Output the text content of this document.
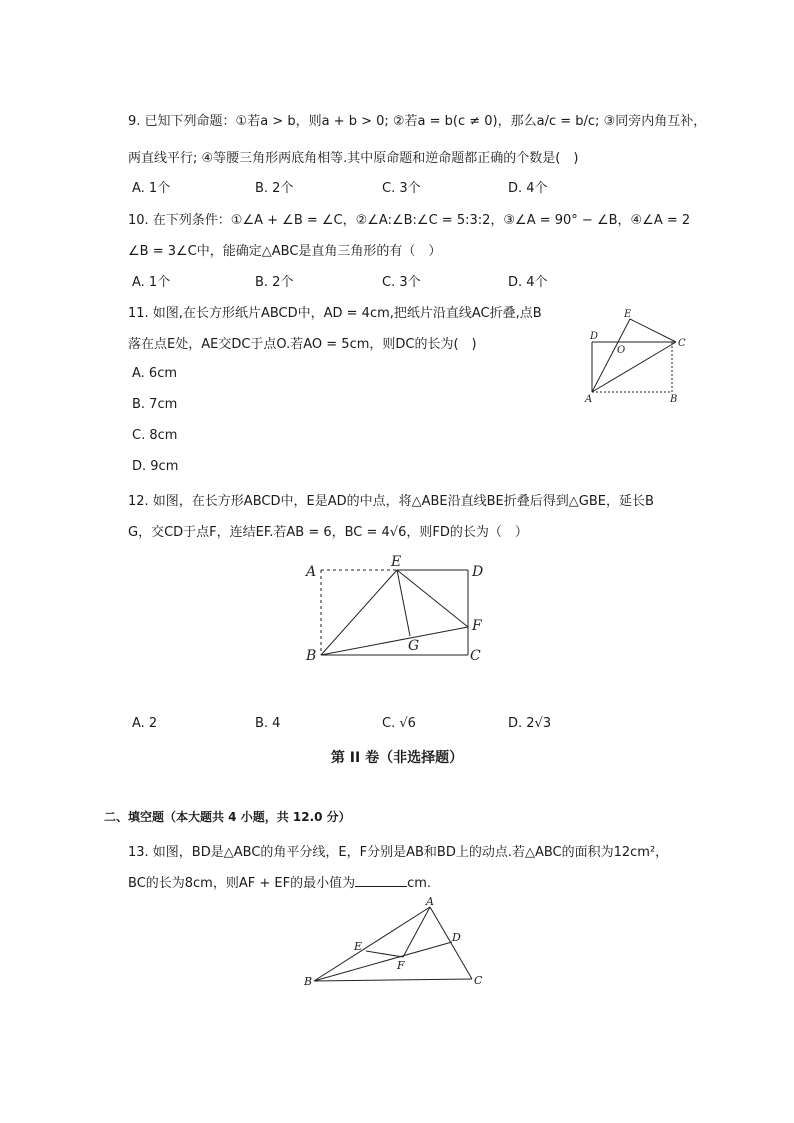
9. 已知下列命题：①若a > b，则a + b > 0; ②若a = b(c ≠ 0)，那么a/c = b/c; ③同旁内角互补，
两直线平行; ④等腰三角形两底角相等.其中原命题和逆命题都正确的个数是(　)
A. 1个	B. 2个	C. 3个	D. 4个
10. 在下列条件：①∠A + ∠B = ∠C，②∠A:∠B:∠C = 5:3:2，③∠A = 90° − ∠B，④∠A = 2
∠B = 3∠C中，能确定△ABC是直角三角形的有（　）
A. 1个	B. 2个	C. 3个	D. 4个
11. 如图,在长方形纸片ABCD中，AD = 4cm,把纸片沿直线AC折叠,点B
落在点E处，AE交DC于点O.若AO = 5cm，则DC的长为(　)
A. 6cm
B. 7cm
C. 8cm
D. 9cm
E
D
O
C
A	B
12. 如图，在长方形ABCD中，E是AD的中点，将△ABE沿直线BE折叠后得到△GBE，延长B
G，交CD于点F，连结EF.若AB = 6，BC = 4√6，则FD的长为（　）
A
E
D
F
B
G
C
A. 2	B. 4	C. √6	D. 2√3
第 II 卷（非选择题）
二、填空题（本大题共 4 小题，共 12.0 分）
13. 如图，BD是△ABC的角平分线，E，F分别是AB和BD上的动点.若△ABC的面积为12cm²，
BC的长为8cm，则AF + EF的最小值为	cm.
A
E
D
F
B	C
